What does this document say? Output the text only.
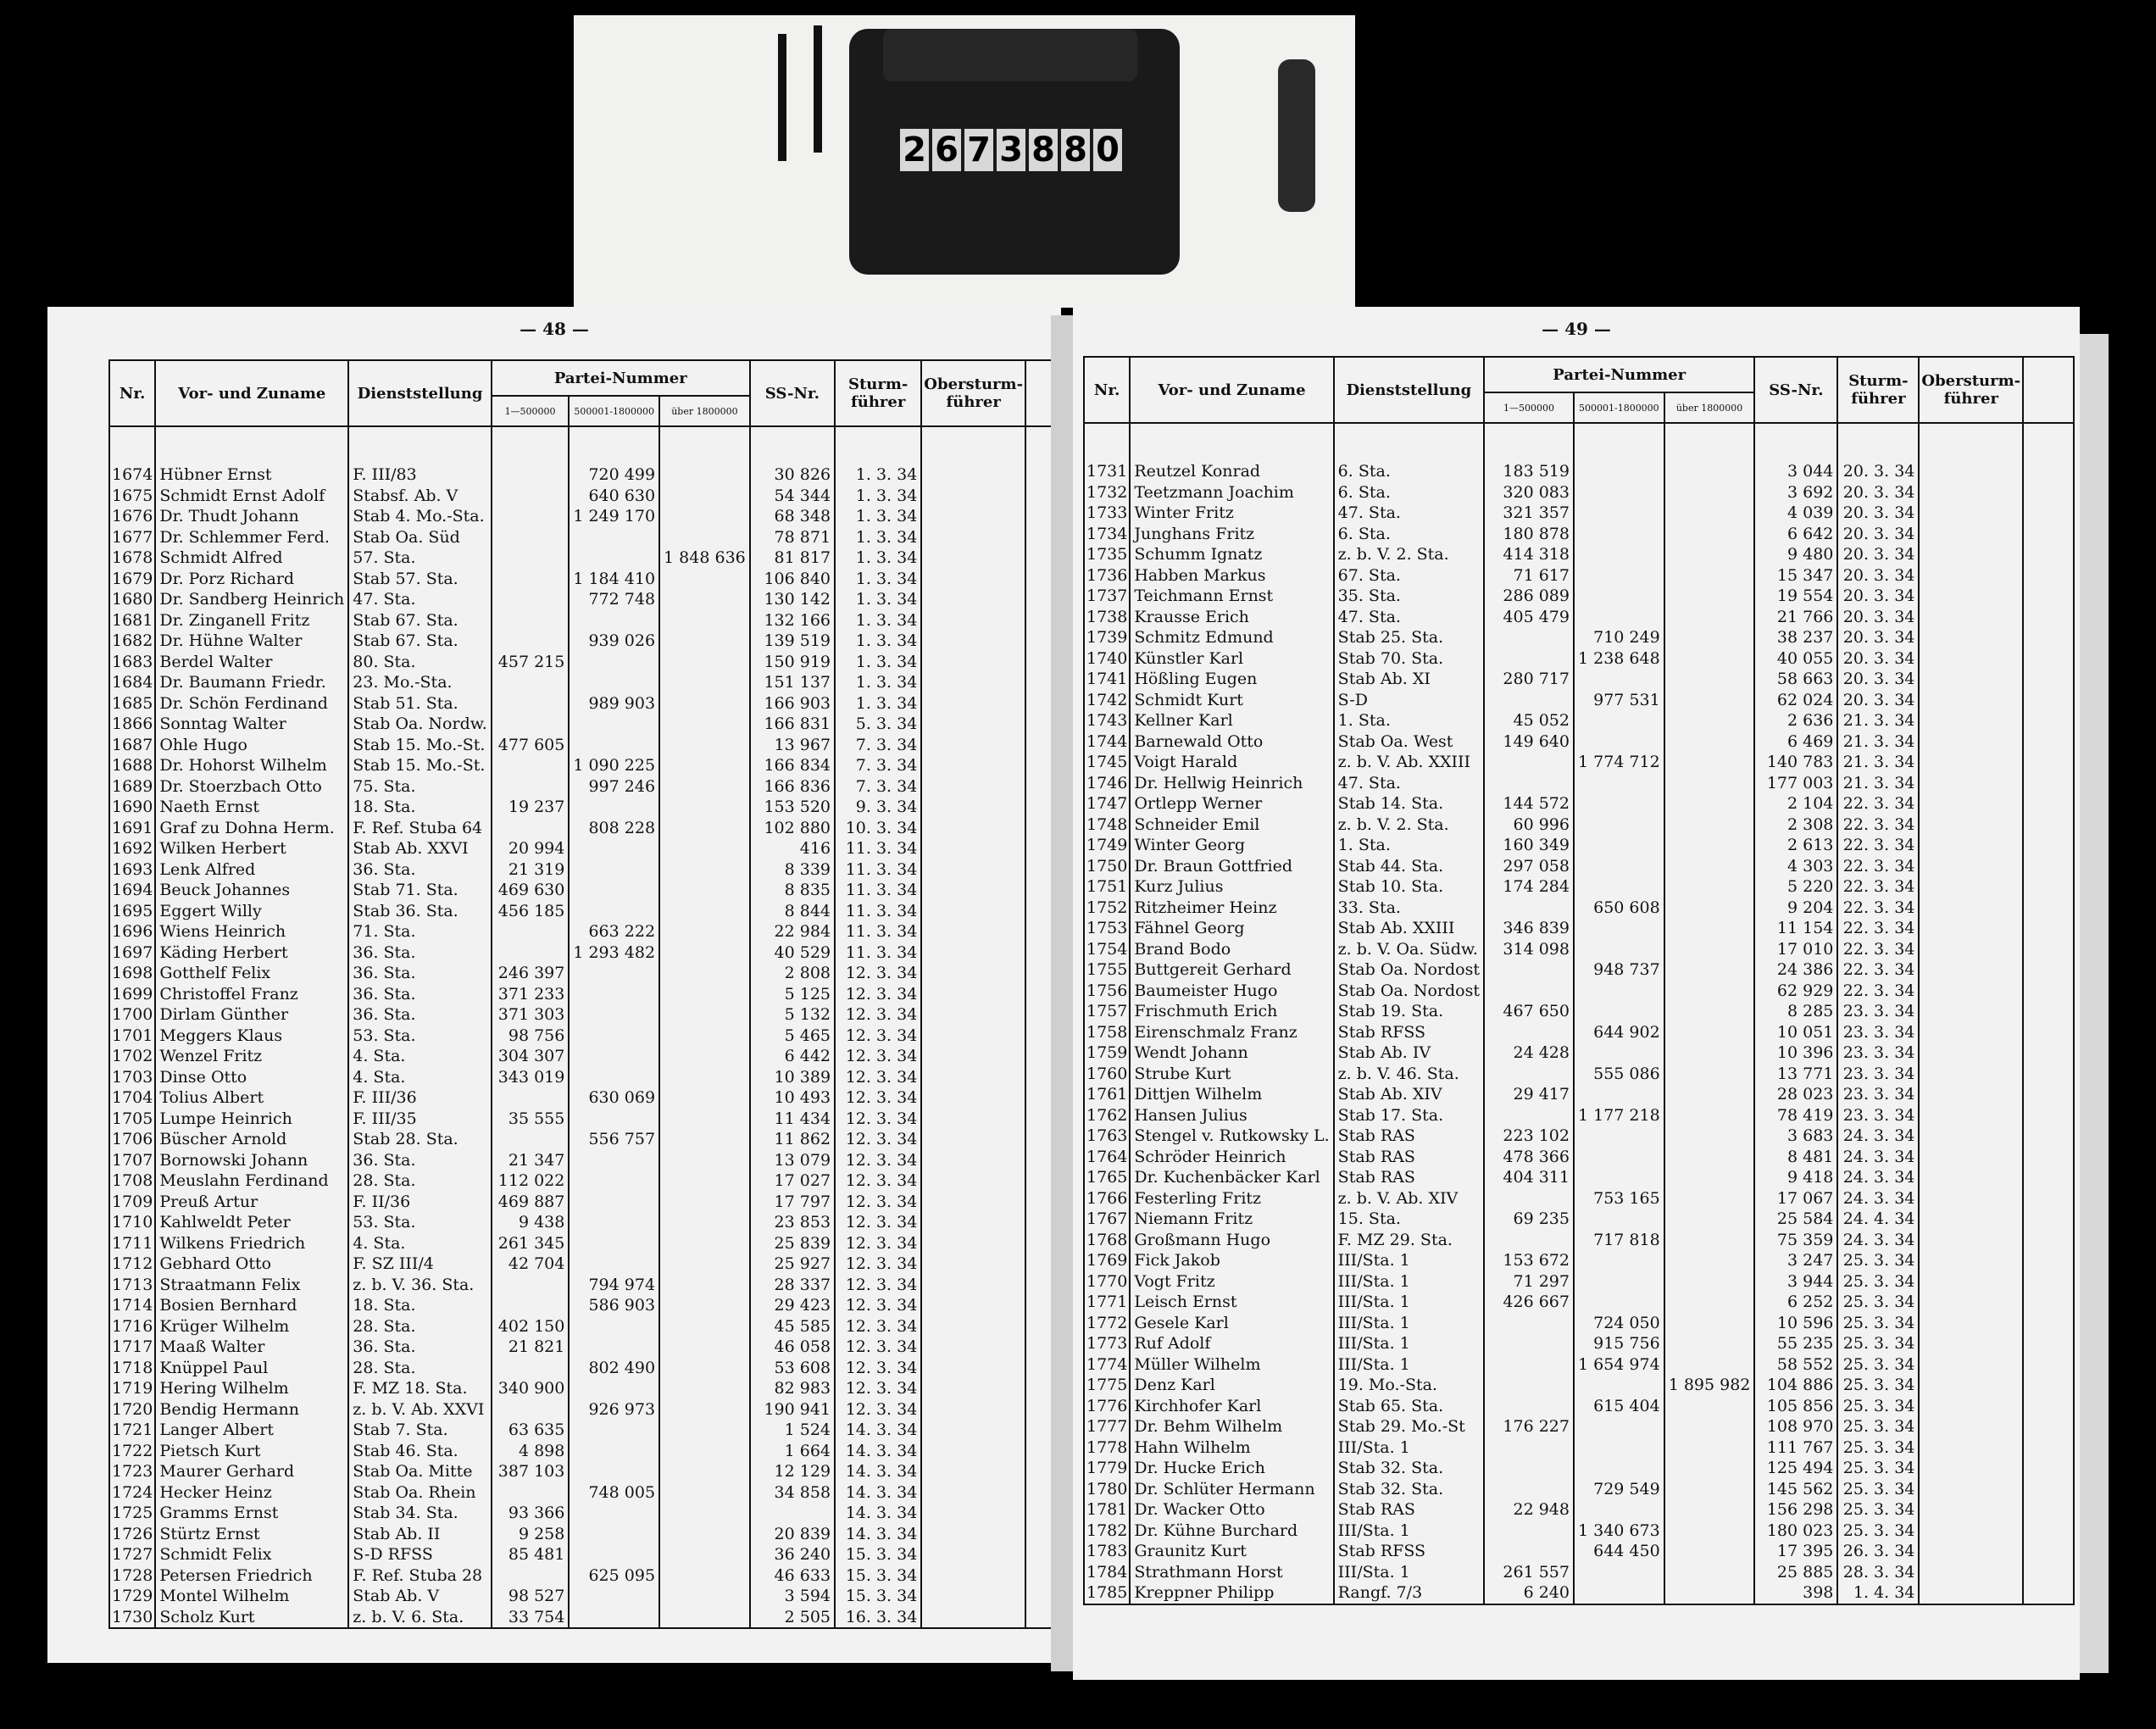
2 6 7 3 8 8 0
— 48 —
Nr.	Vor- und Zuname	Dienststellung	Partei-Nummer			SS-Nr.	Sturm-führer	Obersturm-führer	
			1—500000	500001-1800000	über 1800000				

1674	Hübner Ernst	F. III/83		720 499		30 826	1. 3. 34		
1675	Schmidt Ernst Adolf	Stabsf. Ab. V		640 630		54 344	1. 3. 34		
1676	Dr. Thudt Johann	Stab 4. Mo.-Sta.		1 249 170		68 348	1. 3. 34		
1677	Dr. Schlemmer Ferd.	Stab Oa. Süd				78 871	1. 3. 34		
1678	Schmidt Alfred	57. Sta.			1 848 636	81 817	1. 3. 34		
1679	Dr. Porz Richard	Stab 57. Sta.		1 184 410		106 840	1. 3. 34		
1680	Dr. Sandberg Heinrich	47. Sta.		772 748		130 142	1. 3. 34		
1681	Dr. Zinganell Fritz	Stab 67. Sta.				132 166	1. 3. 34		
1682	Dr. Hühne Walter	Stab 67. Sta.		939 026		139 519	1. 3. 34		
1683	Berdel Walter	80. Sta.	457 215			150 919	1. 3. 34		
1684	Dr. Baumann Friedr.	23. Mo.-Sta.				151 137	1. 3. 34		
1685	Dr. Schön Ferdinand	Stab 51. Sta.		989 903		166 903	1. 3. 34		
1866	Sonntag Walter	Stab Oa. Nordw.				166 831	5. 3. 34		
1687	Ohle Hugo	Stab 15. Mo.-St.	477 605			13 967	7. 3. 34		
1688	Dr. Hohorst Wilhelm	Stab 15. Mo.-St.		1 090 225		166 834	7. 3. 34		
1689	Dr. Stoerzbach Otto	75. Sta.		997 246		166 836	7. 3. 34		
1690	Naeth Ernst	18. Sta.	19 237			153 520	9. 3. 34		
1691	Graf zu Dohna Herm.	F. Ref. Stuba 64		808 228		102 880	10. 3. 34		
1692	Wilken Herbert	Stab Ab. XXVI	20 994			416	11. 3. 34		
1693	Lenk Alfred	36. Sta.	21 319			8 339	11. 3. 34		
1694	Beuck Johannes	Stab 71. Sta.	469 630			8 835	11. 3. 34		
1695	Eggert Willy	Stab 36. Sta.	456 185			8 844	11. 3. 34		
1696	Wiens Heinrich	71. Sta.		663 222		22 984	11. 3. 34		
1697	Käding Herbert	36. Sta.		1 293 482		40 529	11. 3. 34		
1698	Gotthelf Felix	36. Sta.	246 397			2 808	12. 3. 34		
1699	Christoffel Franz	36. Sta.	371 233			5 125	12. 3. 34		
1700	Dirlam Günther	36. Sta.	371 303			5 132	12. 3. 34		
1701	Meggers Klaus	53. Sta.	98 756			5 465	12. 3. 34		
1702	Wenzel Fritz	4. Sta.	304 307			6 442	12. 3. 34		
1703	Dinse Otto	4. Sta.	343 019			10 389	12. 3. 34		
1704	Tolius Albert	F. III/36		630 069		10 493	12. 3. 34		
1705	Lumpe Heinrich	F. III/35	35 555			11 434	12. 3. 34		
1706	Büscher Arnold	Stab 28. Sta.		556 757		11 862	12. 3. 34		
1707	Bornowski Johann	36. Sta.	21 347			13 079	12. 3. 34		
1708	Meuslahn Ferdinand	28. Sta.	112 022			17 027	12. 3. 34		
1709	Preuß Artur	F. II/36	469 887			17 797	12. 3. 34		
1710	Kahlweldt Peter	53. Sta.	9 438			23 853	12. 3. 34		
1711	Wilkens Friedrich	4. Sta.	261 345			25 839	12. 3. 34		
1712	Gebhard Otto	F. SZ III/4	42 704			25 927	12. 3. 34		
1713	Straatmann Felix	z. b. V. 36. Sta.		794 974		28 337	12. 3. 34		
1714	Bosien Bernhard	18. Sta.		586 903		29 423	12. 3. 34		
1716	Krüger Wilhelm	28. Sta.	402 150			45 585	12. 3. 34		
1717	Maaß Walter	36. Sta.	21 821			46 058	12. 3. 34		
1718	Knüppel Paul	28. Sta.		802 490		53 608	12. 3. 34		
1719	Hering Wilhelm	F. MZ 18. Sta.	340 900			82 983	12. 3. 34		
1720	Bendig Hermann	z. b. V. Ab. XXVI		926 973		190 941	12. 3. 34		
1721	Langer Albert	Stab 7. Sta.	63 635			1 524	14. 3. 34		
1722	Pietsch Kurt	Stab 46. Sta.	4 898			1 664	14. 3. 34		
1723	Maurer Gerhard	Stab Oa. Mitte	387 103			12 129	14. 3. 34		
1724	Hecker Heinz	Stab Oa. Rhein		748 005		34 858	14. 3. 34		
1725	Gramms Ernst	Stab 34. Sta.	93 366				14. 3. 34		
1726	Stürtz Ernst	Stab Ab. II	9 258			20 839	14. 3. 34		
1727	Schmidt Felix	S-D RFSS	85 481			36 240	15. 3. 34		
1728	Petersen Friedrich	F. Ref. Stuba 28		625 095		46 633	15. 3. 34		
1729	Montel Wilhelm	Stab Ab. V	98 527			3 594	15. 3. 34		
1730	Scholz Kurt	z. b. V. 6. Sta.	33 754			2 505	16. 3. 34		
— 49 —
Nr.	Vor- und Zuname	Dienststellung	Partei-Nummer			SS-Nr.	Sturm-führer	Obersturm-führer	
			1—500000	500001-1800000	über 1800000				

1731	Reutzel Konrad	6. Sta.	183 519			3 044	20. 3. 34		
1732	Teetzmann Joachim	6. Sta.	320 083			3 692	20. 3. 34		
1733	Winter Fritz	47. Sta.	321 357			4 039	20. 3. 34		
1734	Junghans Fritz	6. Sta.	180 878			6 642	20. 3. 34		
1735	Schumm Ignatz	z. b. V. 2. Sta.	414 318			9 480	20. 3. 34		
1736	Habben Markus	67. Sta.	71 617			15 347	20. 3. 34		
1737	Teichmann Ernst	35. Sta.	286 089			19 554	20. 3. 34		
1738	Krausse Erich	47. Sta.	405 479			21 766	20. 3. 34		
1739	Schmitz Edmund	Stab 25. Sta.		710 249		38 237	20. 3. 34		
1740	Künstler Karl	Stab 70. Sta.		1 238 648		40 055	20. 3. 34		
1741	Hößling Eugen	Stab Ab. XI	280 717			58 663	20. 3. 34		
1742	Schmidt Kurt	S-D		977 531		62 024	20. 3. 34		
1743	Kellner Karl	1. Sta.	45 052			2 636	21. 3. 34		
1744	Barnewald Otto	Stab Oa. West	149 640			6 469	21. 3. 34		
1745	Voigt Harald	z. b. V. Ab. XXIII		1 774 712		140 783	21. 3. 34		
1746	Dr. Hellwig Heinrich	47. Sta.				177 003	21. 3. 34		
1747	Ortlepp Werner	Stab 14. Sta.	144 572			2 104	22. 3. 34		
1748	Schneider Emil	z. b. V. 2. Sta.	60 996			2 308	22. 3. 34		
1749	Winter Georg	1. Sta.	160 349			2 613	22. 3. 34		
1750	Dr. Braun Gottfried	Stab 44. Sta.	297 058			4 303	22. 3. 34		
1751	Kurz Julius	Stab 10. Sta.	174 284			5 220	22. 3. 34		
1752	Ritzheimer Heinz	33. Sta.		650 608		9 204	22. 3. 34		
1753	Fähnel Georg	Stab Ab. XXIII	346 839			11 154	22. 3. 34		
1754	Brand Bodo	z. b. V. Oa. Südw.	314 098			17 010	22. 3. 34		
1755	Buttgereit Gerhard	Stab Oa. Nordost		948 737		24 386	22. 3. 34		
1756	Baumeister Hugo	Stab Oa. Nordost				62 929	22. 3. 34		
1757	Frischmuth Erich	Stab 19. Sta.	467 650			8 285	23. 3. 34		
1758	Eirenschmalz Franz	Stab RFSS		644 902		10 051	23. 3. 34		
1759	Wendt Johann	Stab Ab. IV	24 428			10 396	23. 3. 34		
1760	Strube Kurt	z. b. V. 46. Sta.		555 086		13 771	23. 3. 34		
1761	Dittjen Wilhelm	Stab Ab. XIV	29 417			28 023	23. 3. 34		
1762	Hansen Julius	Stab 17. Sta.		1 177 218		78 419	23. 3. 34		
1763	Stengel v. Rutkowsky L.	Stab RAS	223 102			3 683	24. 3. 34		
1764	Schröder Heinrich	Stab RAS	478 366			8 481	24. 3. 34		
1765	Dr. Kuchenbäcker Karl	Stab RAS	404 311			9 418	24. 3. 34		
1766	Festerling Fritz	z. b. V. Ab. XIV		753 165		17 067	24. 3. 34		
1767	Niemann Fritz	15. Sta.	69 235			25 584	24. 4. 34		
1768	Großmann Hugo	F. MZ 29. Sta.		717 818		75 359	24. 3. 34		
1769	Fick Jakob	III/Sta. 1	153 672			3 247	25. 3. 34		
1770	Vogt Fritz	III/Sta. 1	71 297			3 944	25. 3. 34		
1771	Leisch Ernst	III/Sta. 1	426 667			6 252	25. 3. 34		
1772	Gesele Karl	III/Sta. 1		724 050		10 596	25. 3. 34		
1773	Ruf Adolf	III/Sta. 1		915 756		55 235	25. 3. 34		
1774	Müller Wilhelm	III/Sta. 1		1 654 974		58 552	25. 3. 34		
1775	Denz Karl	19. Mo.-Sta.			1 895 982	104 886	25. 3. 34		
1776	Kirchhofer Karl	Stab 65. Sta.		615 404		105 856	25. 3. 34		
1777	Dr. Behm Wilhelm	Stab 29. Mo.-St	176 227			108 970	25. 3. 34		
1778	Hahn Wilhelm	III/Sta. 1				111 767	25. 3. 34		
1779	Dr. Hucke Erich	Stab 32. Sta.				125 494	25. 3. 34		
1780	Dr. Schlüter Hermann	Stab 32. Sta.		729 549		145 562	25. 3. 34		
1781	Dr. Wacker Otto	Stab RAS	22 948			156 298	25. 3. 34		
1782	Dr. Kühne Burchard	III/Sta. 1		1 340 673		180 023	25. 3. 34		
1783	Graunitz Kurt	Stab RFSS		644 450		17 395	26. 3. 34		
1784	Strathmann Horst	III/Sta. 1	261 557			25 885	28. 3. 34		
1785	Kreppner Philipp	Rangf. 7/3	6 240			398	1. 4. 34		
